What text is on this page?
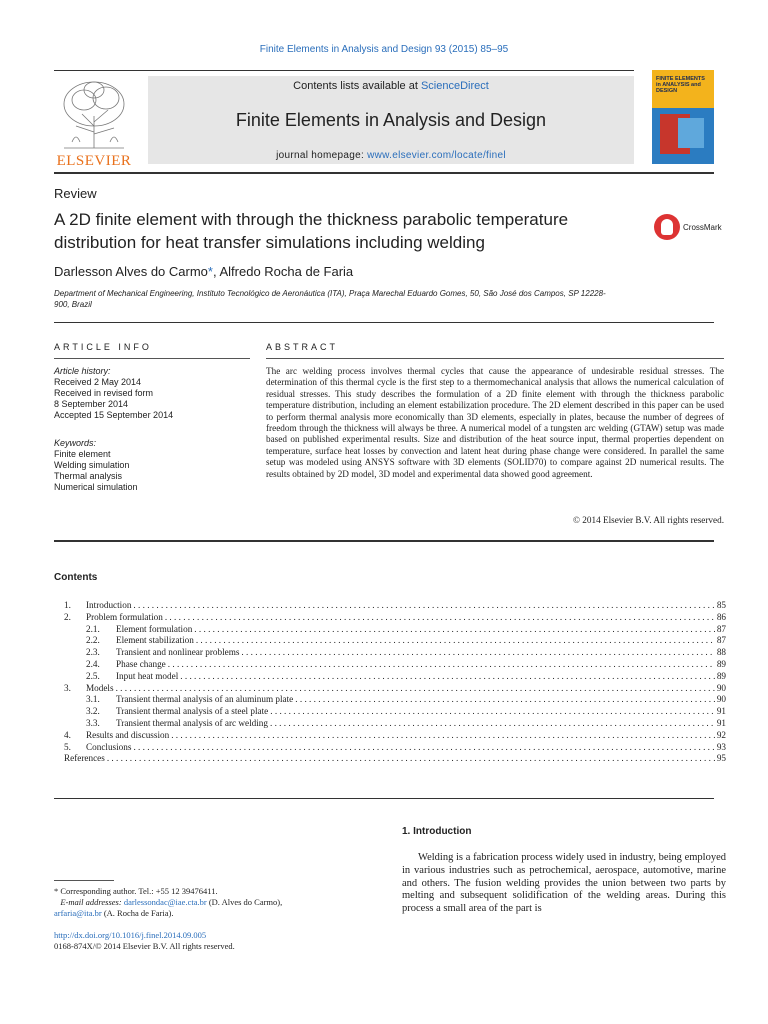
Finite Elements in Analysis and Design 93 (2015) 85–95
ELSEVIER
Contents lists available at ScienceDirect
Finite Elements in Analysis and Design
journal homepage: www.elsevier.com/locate/finel
FINITE ELEMENTS
in ANALYSIS and
DESIGN
Review
A 2D finite element with through the thickness parabolic temperature distribution for heat transfer simulations including welding
CrossMark
Darlesson Alves do Carmo*, Alfredo Rocha de Faria
Department of Mechanical Engineering, Instituto Tecnológico de Aeronáutica (ITA), Praça Marechal Eduardo Gomes, 50, São José dos Campos, SP 12228-900, Brazil
ARTICLE INFO	ABSTRACT
Article history:
Received 2 May 2014
Received in revised form
8 September 2014
Accepted 15 September 2014
Keywords:
Finite element
Welding simulation
Thermal analysis
Numerical simulation
The arc welding process involves thermal cycles that cause the appearance of undesirable residual stresses. The determination of this thermal cycle is the first step to a thermomechanical analysis that allows the numerical calculation of residual stresses. This study describes the formulation of a 2D finite element with through the thickness parabolic temperature distribution, including an element estabilization procedure. The 2D element described in this paper can be used to perform thermal analysis more economically than 3D elements, especially in plates, because the number of degrees of freedom through the thickness will always be three. A numerical model of a tungsten arc welding (GTAW) setup was made based on published experimental results. Size and distribution of the heat source input, thermal properties dependent on temperature, surface heat losses by convection and latent heat during phase change were considered. In parallel the same setup was modeled using ANSYS software with 3D elements (SOLID70) to compare against 2D numerical results. The results obtained by 2D model, 3D model and experimental data showed good agreement.
© 2014 Elsevier B.V. All rights reserved.
Contents
1.	Introduction . . .	85
2.	Problem formulation . . .	86
2.1.	Element formulation . . .	87
2.2.	Element stabilization . . .	87
2.3.	Transient and nonlinear problems . . .	88
2.4.	Phase change . . .	89
2.5.	Input heat model . . .	89
3.	Models . . .	90
3.1.	Transient thermal analysis of an aluminum plate . . .	90
3.2.	Transient thermal analysis of a steel plate . . .	91
3.3.	Transient thermal analysis of arc welding . . .	91
4.	Results and discussion . . .	92
5.	Conclusions . . .	93
References . . .	95
1. Introduction
Welding is a fabrication process widely used in industry, being employed in various industries such as petrochemical, aerospace, automotive, marine and others. The fusion welding provides the union between two parts by melting and subsequent solidification of the welding areas. During this process a small area of the part is
* Corresponding author. Tel.: +55 12 39476411.
E-mail addresses: darlessondac@iae.cta.br (D. Alves do Carmo),
arfaria@ita.br (A. Rocha de Faria).
http://dx.doi.org/10.1016/j.finel.2014.09.005
0168-874X/© 2014 Elsevier B.V. All rights reserved.
